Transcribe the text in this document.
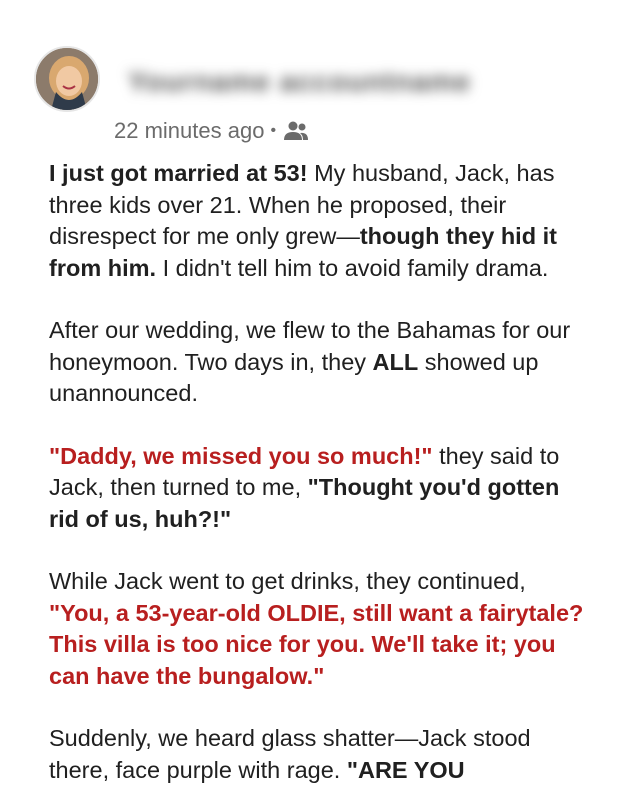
Yourname accountname
22 minutes ago •

I just got married at 53! My husband, Jack, has three kids over 21. When he proposed, their disrespect for me only grew—though they hid it from him. I didn't tell him to avoid family drama.

After our wedding, we flew to the Bahamas for our honeymoon. Two days in, they ALL showed up unannounced.

"Daddy, we missed you so much!" they said to Jack, then turned to me, "Thought you'd gotten rid of us, huh?!"

While Jack went to get drinks, they continued, "You, a 53-year-old OLDIE, still want a fairytale? This villa is too nice for you. We'll take it; you can have the bungalow."

Suddenly, we heard glass shatter—Jack stood there, face purple with rage. "ARE YOU
